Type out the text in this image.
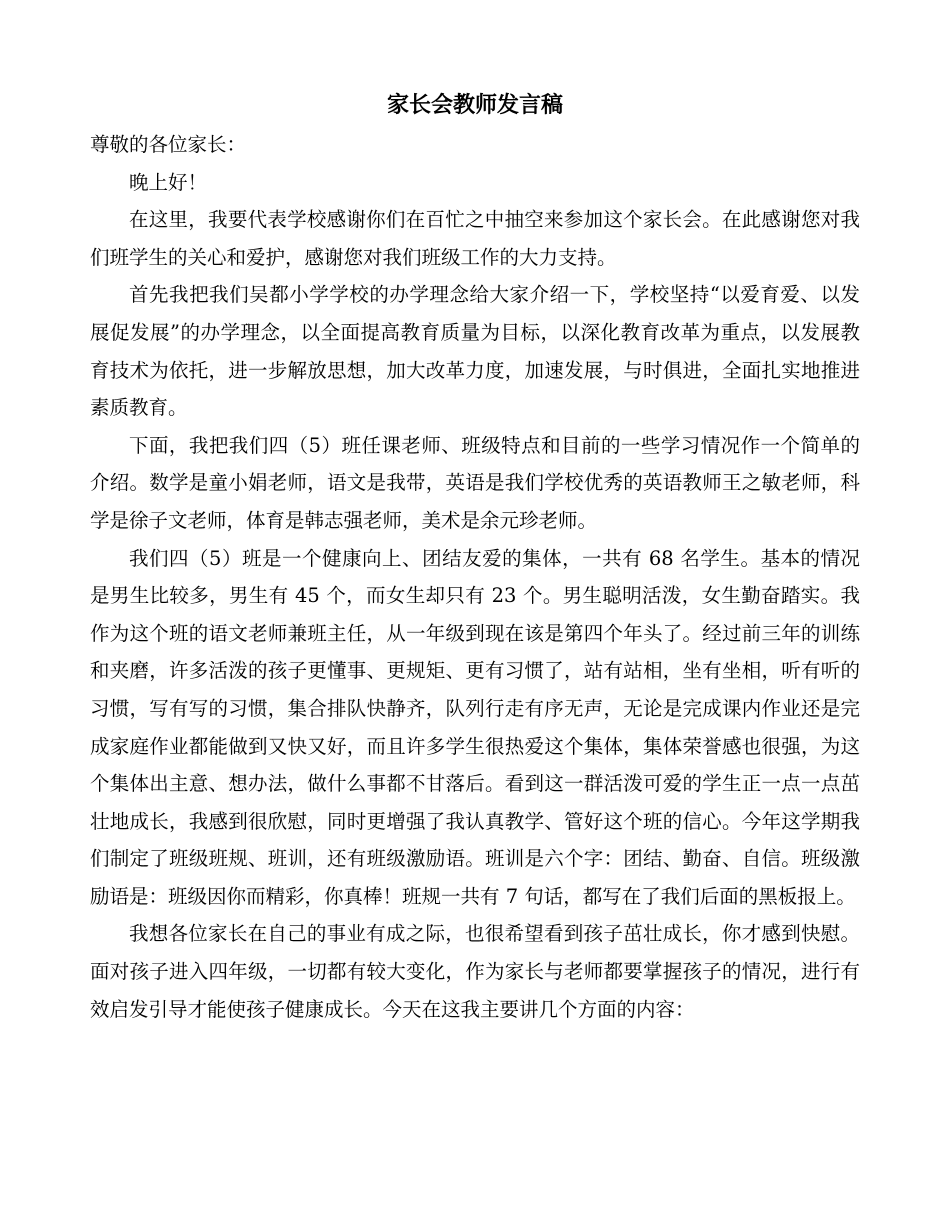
家长会教师发言稿

尊敬的各位家长：

晚上好！

在这里，我要代表学校感谢你们在百忙之中抽空来参加这个家长会。在此感谢您对我们班学生的关心和爱护，感谢您对我们班级工作的大力支持。

首先我把我们吴都小学学校的办学理念给大家介绍一下，学校坚持“以爱育爱、以发展促发展”的办学理念，以全面提高教育质量为目标，以深化教育改革为重点，以发展教育技术为依托，进一步解放思想，加大改革力度，加速发展，与时俱进，全面扎实地推进素质教育。

下面，我把我们四（5）班任课老师、班级特点和目前的一些学习情况作一个简单的介绍。数学是童小娟老师，语文是我带，英语是我们学校优秀的英语教师王之敏老师，科学是徐子文老师，体育是韩志强老师，美术是余元珍老师。

我们四（5）班是一个健康向上、团结友爱的集体，一共有 68 名学生。基本的情况是男生比较多，男生有 45 个，而女生却只有 23 个。男生聪明活泼，女生勤奋踏实。我作为这个班的语文老师兼班主任，从一年级到现在该是第四个年头了。经过前三年的训练和夹磨，许多活泼的孩子更懂事、更规矩、更有习惯了，站有站相，坐有坐相，听有听的习惯，写有写的习惯，集合排队快静齐，队列行走有序无声，无论是完成课内作业还是完成家庭作业都能做到又快又好，而且许多学生很热爱这个集体，集体荣誉感也很强，为这个集体出主意、想办法，做什么事都不甘落后。看到这一群活泼可爱的学生正一点一点茁壮地成长，我感到很欣慰，同时更增强了我认真教学、管好这个班的信心。今年这学期我们制定了班级班规、班训，还有班级激励语。班训是六个字：团结、勤奋、自信。班级激励语是：班级因你而精彩，你真棒！班规一共有 7 句话，都写在了我们后面的黑板报上。

我想各位家长在自己的事业有成之际，也很希望看到孩子茁壮成长，你才感到快慰。面对孩子进入四年级，一切都有较大变化，作为家长与老师都要掌握孩子的情况，进行有效启发引导才能使孩子健康成长。今天在这我主要讲几个方面的内容：
